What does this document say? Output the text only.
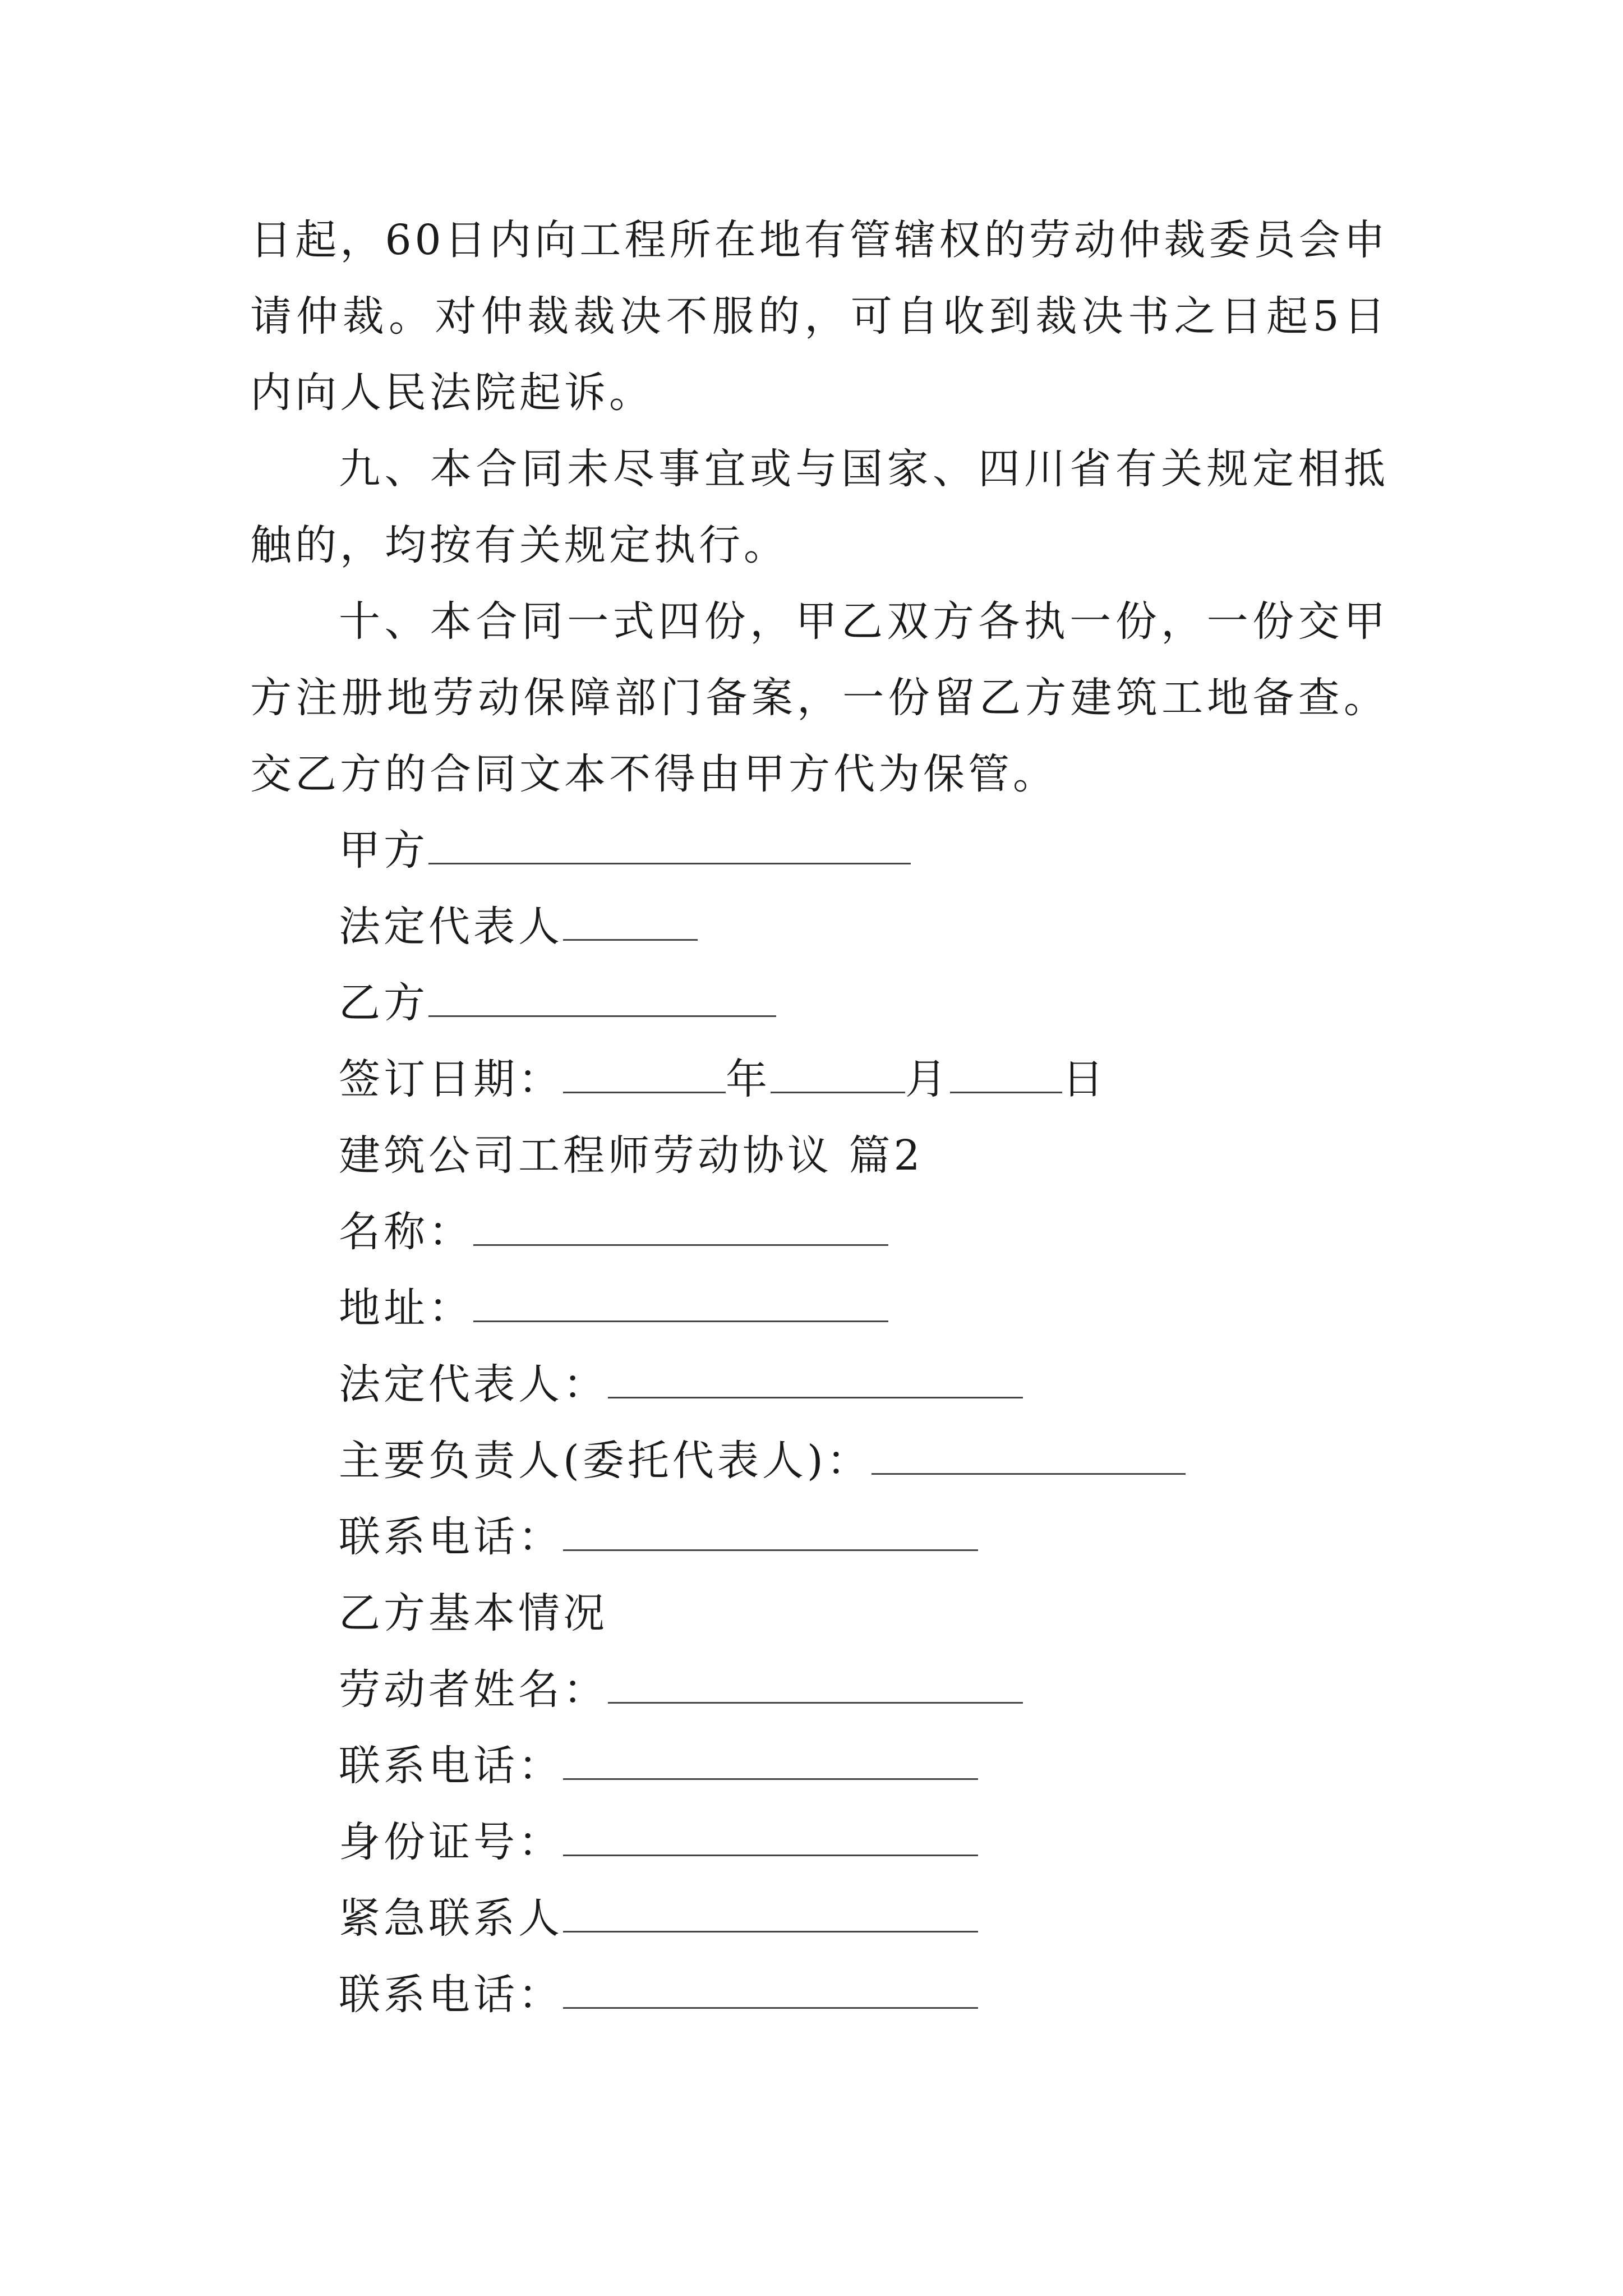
日起，60日内向工程所在地有管辖权的劳动仲裁委员会申请仲裁。对仲裁裁决不服的，可自收到裁决书之日起5日内向人民法院起诉。

九、本合同未尽事宜或与国家、四川省有关规定相抵触的，均按有关规定执行。

十、本合同一式四份，甲乙双方各执一份，一份交甲方注册地劳动保障部门备案，一份留乙方建筑工地备查。交乙方的合同文本不得由甲方代为保管。

甲方
法定代表人
乙方
签订日期：	年	月	日
建筑公司工程师劳动协议 篇2
名称：
地址：
法定代表人：
主要负责人(委托代表人)：
联系电话：
乙方基本情况
劳动者姓名：
联系电话：
身份证号：
紧急联系人
联系电话：
